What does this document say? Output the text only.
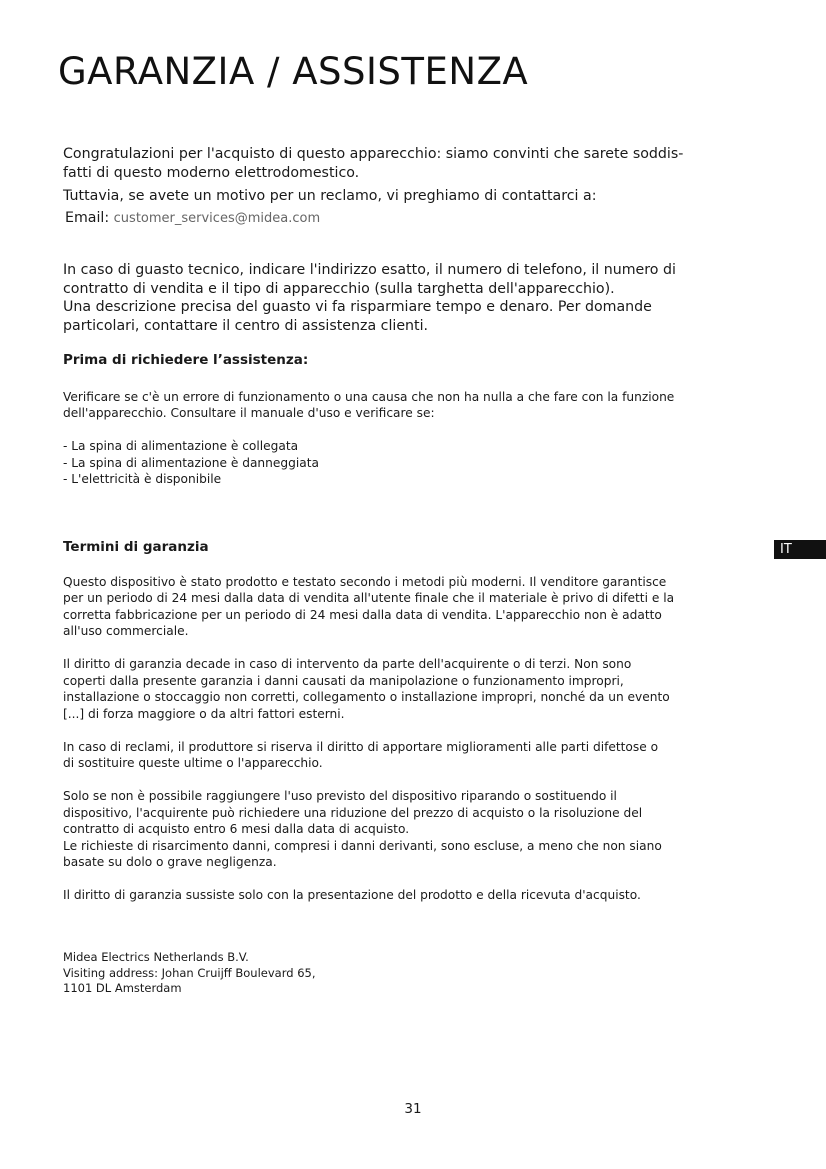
GARANZIA / ASSISTENZA

Congratulazioni per l'acquisto di questo apparecchio: siamo convinti che sarete soddis-

fatti di questo moderno elettrodomestico.

Tuttavia, se avete un motivo per un reclamo, vi preghiamo di contattarci a:

Email: customer_services@midea.com

In caso di guasto tecnico, indicare l'indirizzo esatto, il numero di telefono, il numero di

contratto di vendita e il tipo di apparecchio (sulla targhetta dell'apparecchio).

Una descrizione precisa del guasto vi fa risparmiare tempo e denaro. Per domande

particolari, contattare il centro di assistenza clienti.

Prima di richiedere l’assistenza:

Verificare se c'è un errore di funzionamento o una causa che non ha nulla a che fare con la funzione

dell'apparecchio. Consultare il manuale d'uso e verificare se:

- La spina di alimentazione è collegata

- La spina di alimentazione è danneggiata

- L'elettricità è disponibile

IT
Termini di garanzia

Questo dispositivo è stato prodotto e testato secondo i metodi più moderni. Il venditore garantisce

per un periodo di 24 mesi dalla data di vendita all'utente finale che il materiale è privo di difetti e la

corretta fabbricazione per un periodo di 24 mesi dalla data di vendita. L'apparecchio non è adatto

all'uso commerciale.

Il diritto di garanzia decade in caso di intervento da parte dell'acquirente o di terzi. Non sono

coperti dalla presente garanzia i danni causati da manipolazione o funzionamento impropri,

installazione o stoccaggio non corretti, collegamento o installazione impropri, nonché da un evento

[...] di forza maggiore o da altri fattori esterni.

In caso di reclami, il produttore si riserva il diritto di apportare miglioramenti alle parti difettose o

di sostituire queste ultime o l'apparecchio.

Solo se non è possibile raggiungere l'uso previsto del dispositivo riparando o sostituendo il

dispositivo, l'acquirente può richiedere una riduzione del prezzo di acquisto o la risoluzione del

contratto di acquisto entro 6 mesi dalla data di acquisto.

Le richieste di risarcimento danni, compresi i danni derivanti, sono escluse, a meno che non siano

basate su dolo o grave negligenza.

Il diritto di garanzia sussiste solo con la presentazione del prodotto e della ricevuta d'acquisto.

Midea Electrics Netherlands B.V.

Visiting address: Johan Cruijff Boulevard 65,

1101 DL Amsterdam

31
